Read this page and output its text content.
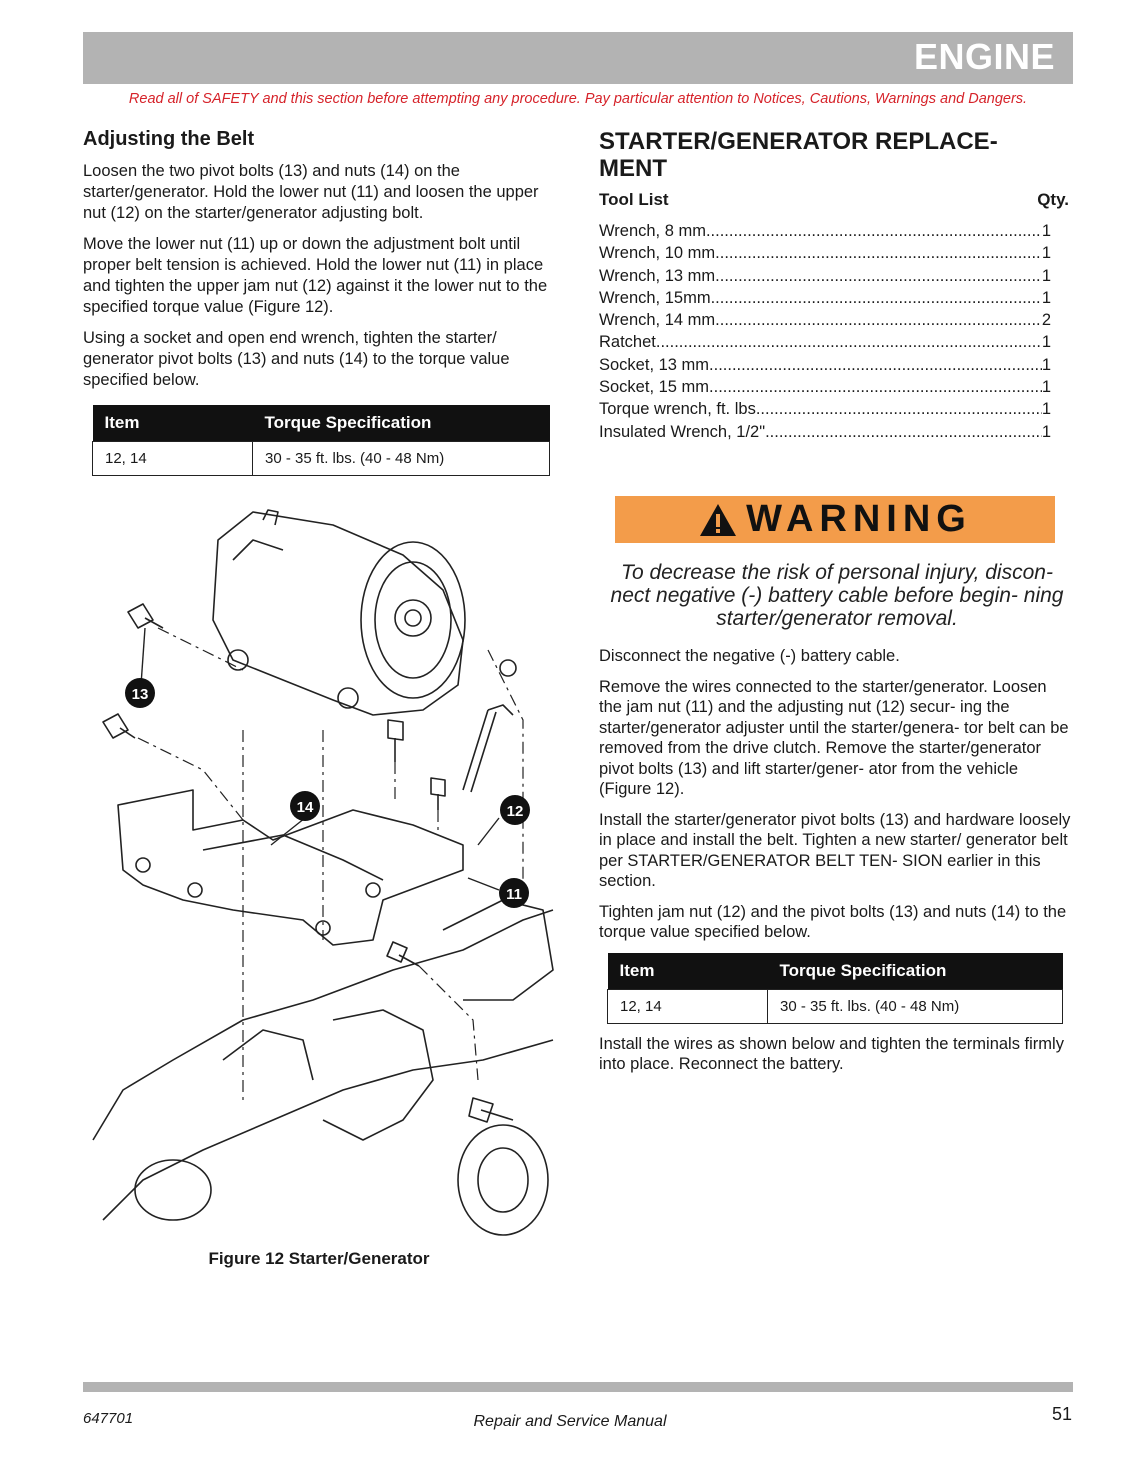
ENGINE
Read all of SAFETY and this section before attempting any procedure. Pay particular attention to Notices, Cautions, Warnings and Dangers.
Adjusting the Belt

Loosen the two pivot bolts (13) and nuts (14) on the starter/generator. Hold the lower nut (11) and loosen the upper nut (12) on the starter/generator adjusting bolt.

Move the lower nut (11) up or down the adjustment bolt until proper belt tension is achieved. Hold the lower nut (11) in place and tighten the upper jam nut (12) against it the lower nut to the specified torque value (Figure 12).

Using a socket and open end wrench, tighten the starter/ generator pivot bolts (13) and nuts (14) to the torque value specified below.

Item	Torque Specification
12, 14	30 - 35 ft. lbs. (40 - 48 Nm)
13
14	12
11
Figure 12 Starter/Generator
STARTER/GENERATOR REPLACE- MENT
Tool List	Qty.
Wrench, 8 mm .....	1
Wrench, 10 mm .....	1
Wrench, 13 mm .....	1
Wrench, 15mm .....	1
Wrench, 14 mm .....	2
Ratchet .....	1
Socket, 13 mm .....	1
Socket, 15 mm .....	1
Torque wrench, ft. lbs. .....	1
Insulated Wrench, 1/2" .....	1
WARNING
To decrease the risk of personal injury, discon- nect negative (-) battery cable before begin- ning starter/generator removal.

Disconnect the negative (-) battery cable.

Remove the wires connected to the starter/generator. Loosen the jam nut (11) and the adjusting nut (12) secur- ing the starter/generator adjuster until the starter/genera- tor belt can be removed from the drive clutch. Remove the starter/generator pivot bolts (13) and lift starter/gener- ator from the vehicle (Figure 12).

Install the starter/generator pivot bolts (13) and hardware loosely in place and install the belt. Tighten a new starter/ generator belt per STARTER/GENERATOR BELT TEN- SION earlier in this section.

Tighten jam nut (12) and the pivot bolts (13) and nuts (14) to the torque value specified below.

Item	Torque Specification
12, 14	30 - 35 ft. lbs. (40 - 48 Nm)

Install the wires as shown below and tighten the terminals firmly into place. Reconnect the battery.

647701	Repair and Service Manual	51
